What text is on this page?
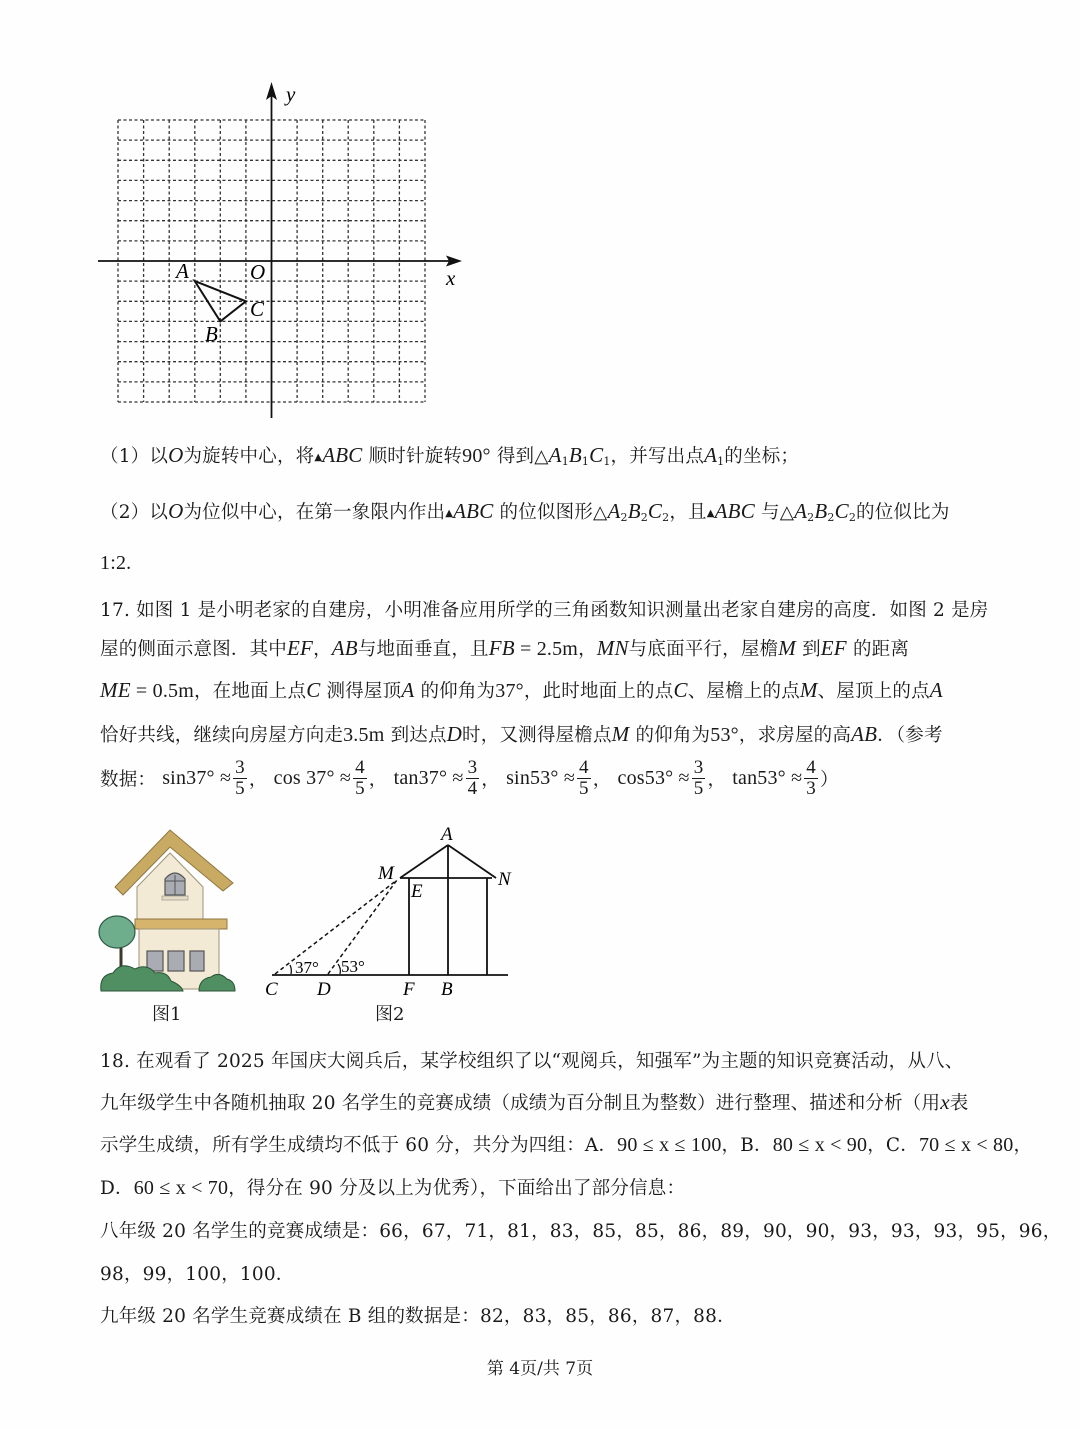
y
x
O
A
B
C
（1）以O为旋转中心，将▲ABC 顺时针旋转90° 得到$\triangle A_1B_1C_1$，并写出点$A_1$的坐标；
（2）以O为位似中心，在第一象限内作出▲ABC 的位似图形$\triangle A_2B_2C_2$，且▲ABC 与$\triangle A_2B_2C_2$的位似比为
1:2.
17. 如图 1 是小明老家的自建房，小明准备应用所学的三角函数知识测量出老家自建房的高度．如图 2 是房
屋的侧面示意图．其中EF，AB与地面垂直，且FB = 2.5m，MN与底面平行，屋檐M 到EF 的距离
ME = 0.5m，在地面上点C 测得屋顶A 的仰角为37°，此时地面上的点C、屋檐上的点M、屋顶上的点A
恰好共线，继续向房屋方向走3.5m 到达点D时，又测得屋檐点M 的仰角为53°，求房屋的高AB．（参考
数据： $\sin 37^\circ \approx \frac{3}{5}$ ， $\cos 37^\circ \approx \frac{4}{5}$ ， $\tan 37^\circ \approx \frac{3}{4}$ ， $\sin 53^\circ \approx \frac{4}{5}$ ， $\cos 53^\circ \approx \frac{3}{5}$ ， $\tan 53^\circ \approx \frac{4}{3}$ ）
图1
37° 53°
A
M	N
E
C D	F B
图2
18. 在观看了 2025 年国庆大阅兵后，某学校组织了以“观阅兵，知强军”为主题的知识竞赛活动，从八、
九年级学生中各随机抽取 20 名学生的竞赛成绩（成绩为百分制且为整数）进行整理、描述和分析（用x表
示学生成绩，所有学生成绩均不低于 60 分，共分为四组：A．90 ≤ x ≤ 100，B．80 ≤ x < 90，C．70 ≤ x < 80，
D．60 ≤ x < 70，得分在 90 分及以上为优秀），下面给出了部分信息：
八年级 20 名学生的竞赛成绩是：66，67，71，81，83，85，85，86，89，90，90，93，93，93，95，96，
98，99，100，100．
九年级 20 名学生竞赛成绩在 B 组的数据是：82，83，85，86，87，88．
第 4页/共 7页
